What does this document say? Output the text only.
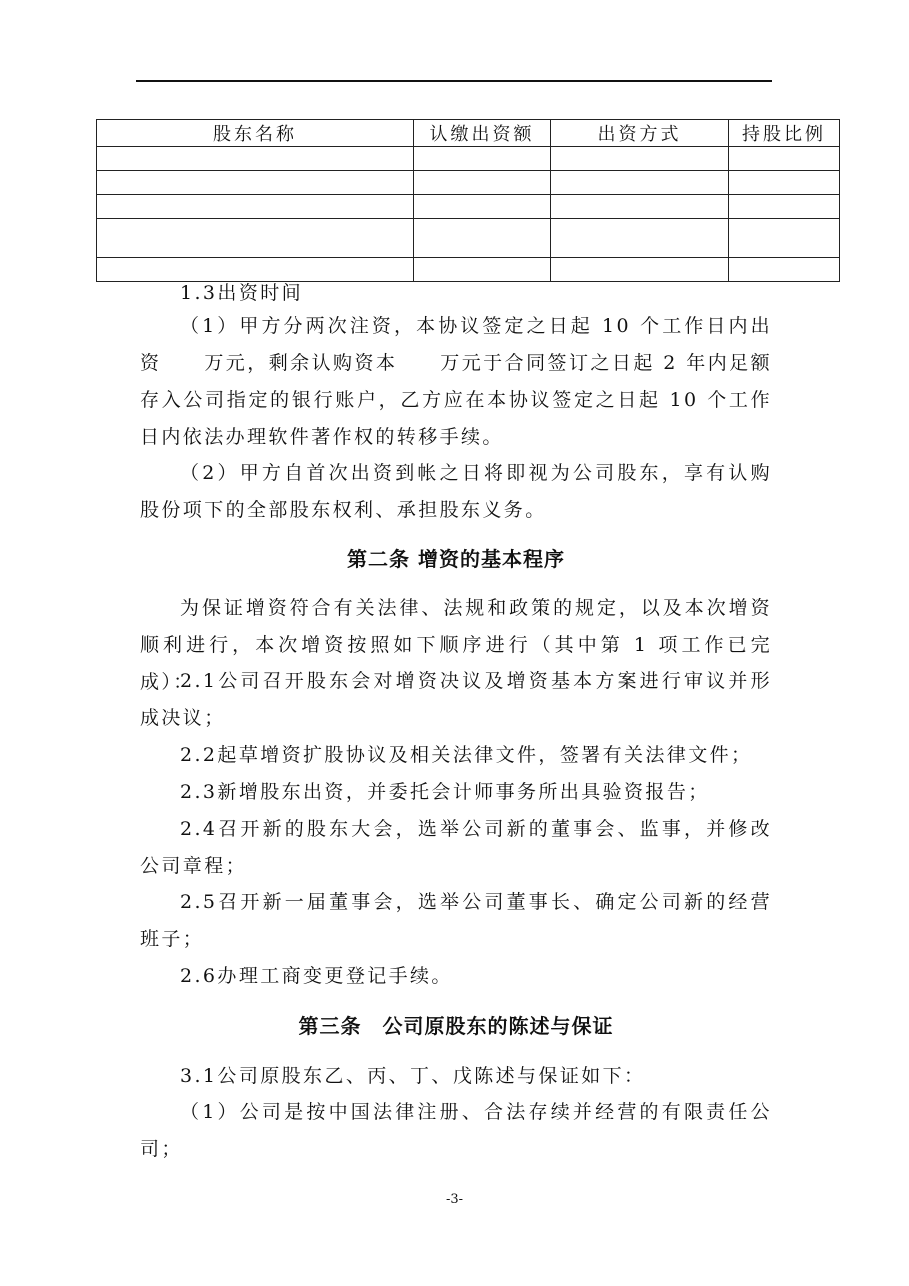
股东名称	认缴出资额	出资方式	持股比例

1.3出资时间

（1）甲方分两次注资，本协议签定之日起 10 个工作日内出资　　万元，剩余认购资本　　万元于合同签订之日起 2 年内足额存入公司指定的银行账户，乙方应在本协议签定之日起 10 个工作日内依法办理软件著作权的转移手续。

（2）甲方自首次出资到帐之日将即视为公司股东，享有认购股份项下的全部股东权利、承担股东义务。

第二条 增资的基本程序

为保证增资符合有关法律、法规和政策的规定，以及本次增资顺利进行，本次增资按照如下顺序进行（其中第 1 项工作已完成）：

2.1公司召开股东会对增资决议及增资基本方案进行审议并形成决议；

2.2起草增资扩股协议及相关法律文件，签署有关法律文件；

2.3新增股东出资，并委托会计师事务所出具验资报告；

2.4召开新的股东大会，选举公司新的董事会、监事，并修改公司章程；

2.5召开新一届董事会，选举公司董事长、确定公司新的经营班子；

2.6办理工商变更登记手续。

第三条　公司原股东的陈述与保证

3.1公司原股东乙、丙、丁、戊陈述与保证如下：

（1）公司是按中国法律注册、合法存续并经营的有限责任公司；

-3-
